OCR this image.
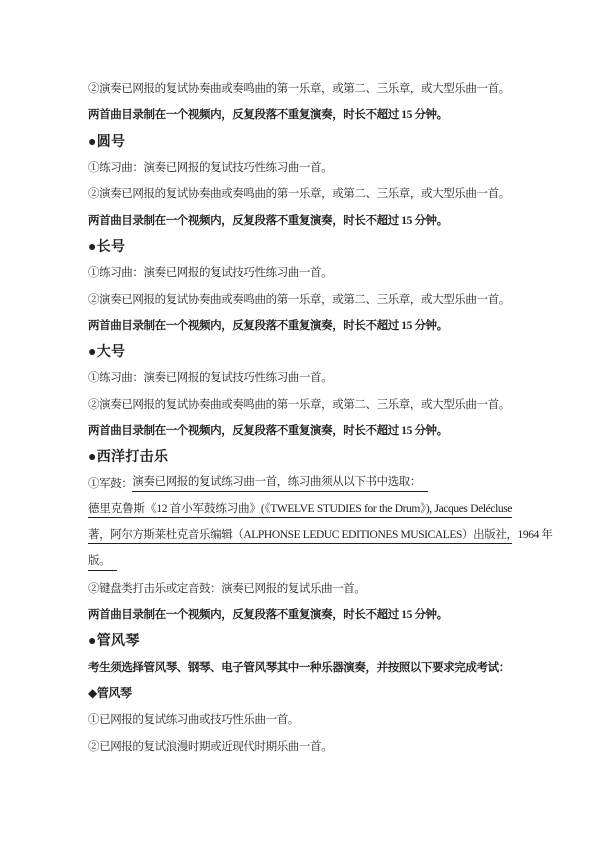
②演奏已网报的复试协奏曲或奏鸣曲的第一乐章，或第二、三乐章，或大型乐曲一首。
两首曲目录制在一个视频内，反复段落不重复演奏，时长不超过 15 分钟。
●圆号
①练习曲：演奏已网报的复试技巧性练习曲一首。
②演奏已网报的复试协奏曲或奏鸣曲的第一乐章，或第二、三乐章，或大型乐曲一首。
两首曲目录制在一个视频内，反复段落不重复演奏，时长不超过 15 分钟。
●长号
①练习曲：演奏已网报的复试技巧性练习曲一首。
②演奏已网报的复试协奏曲或奏鸣曲的第一乐章，或第二、三乐章，或大型乐曲一首。
两首曲目录制在一个视频内，反复段落不重复演奏，时长不超过 15 分钟。
●大号
①练习曲：演奏已网报的复试技巧性练习曲一首。
②演奏已网报的复试协奏曲或奏鸣曲的第一乐章，或第二、三乐章，或大型乐曲一首。
两首曲目录制在一个视频内，反复段落不重复演奏，时长不超过 15 分钟。
●西洋打击乐
①军鼓： 演奏已网报的复试练习曲一首，练习曲须从以下书中选取：
德里克鲁斯《12 首小军鼓练习曲》(《TWELVE STUDIES for the Drum》), Jacques Delécluse
著，阿尔方斯莱杜克音乐编辑（ALPHONSE LEDUC EDITIONES MUSICALES）出版社，1964 年
版。
②键盘类打击乐或定音鼓：演奏已网报的复试乐曲一首。
两首曲目录制在一个视频内，反复段落不重复演奏，时长不超过 15 分钟。
●管风琴
考生须选择管风琴、钢琴、电子管风琴其中一种乐器演奏，并按照以下要求完成考试：
◆管风琴
①已网报的复试练习曲或技巧性乐曲一首。
②已网报的复试浪漫时期或近现代时期乐曲一首。
